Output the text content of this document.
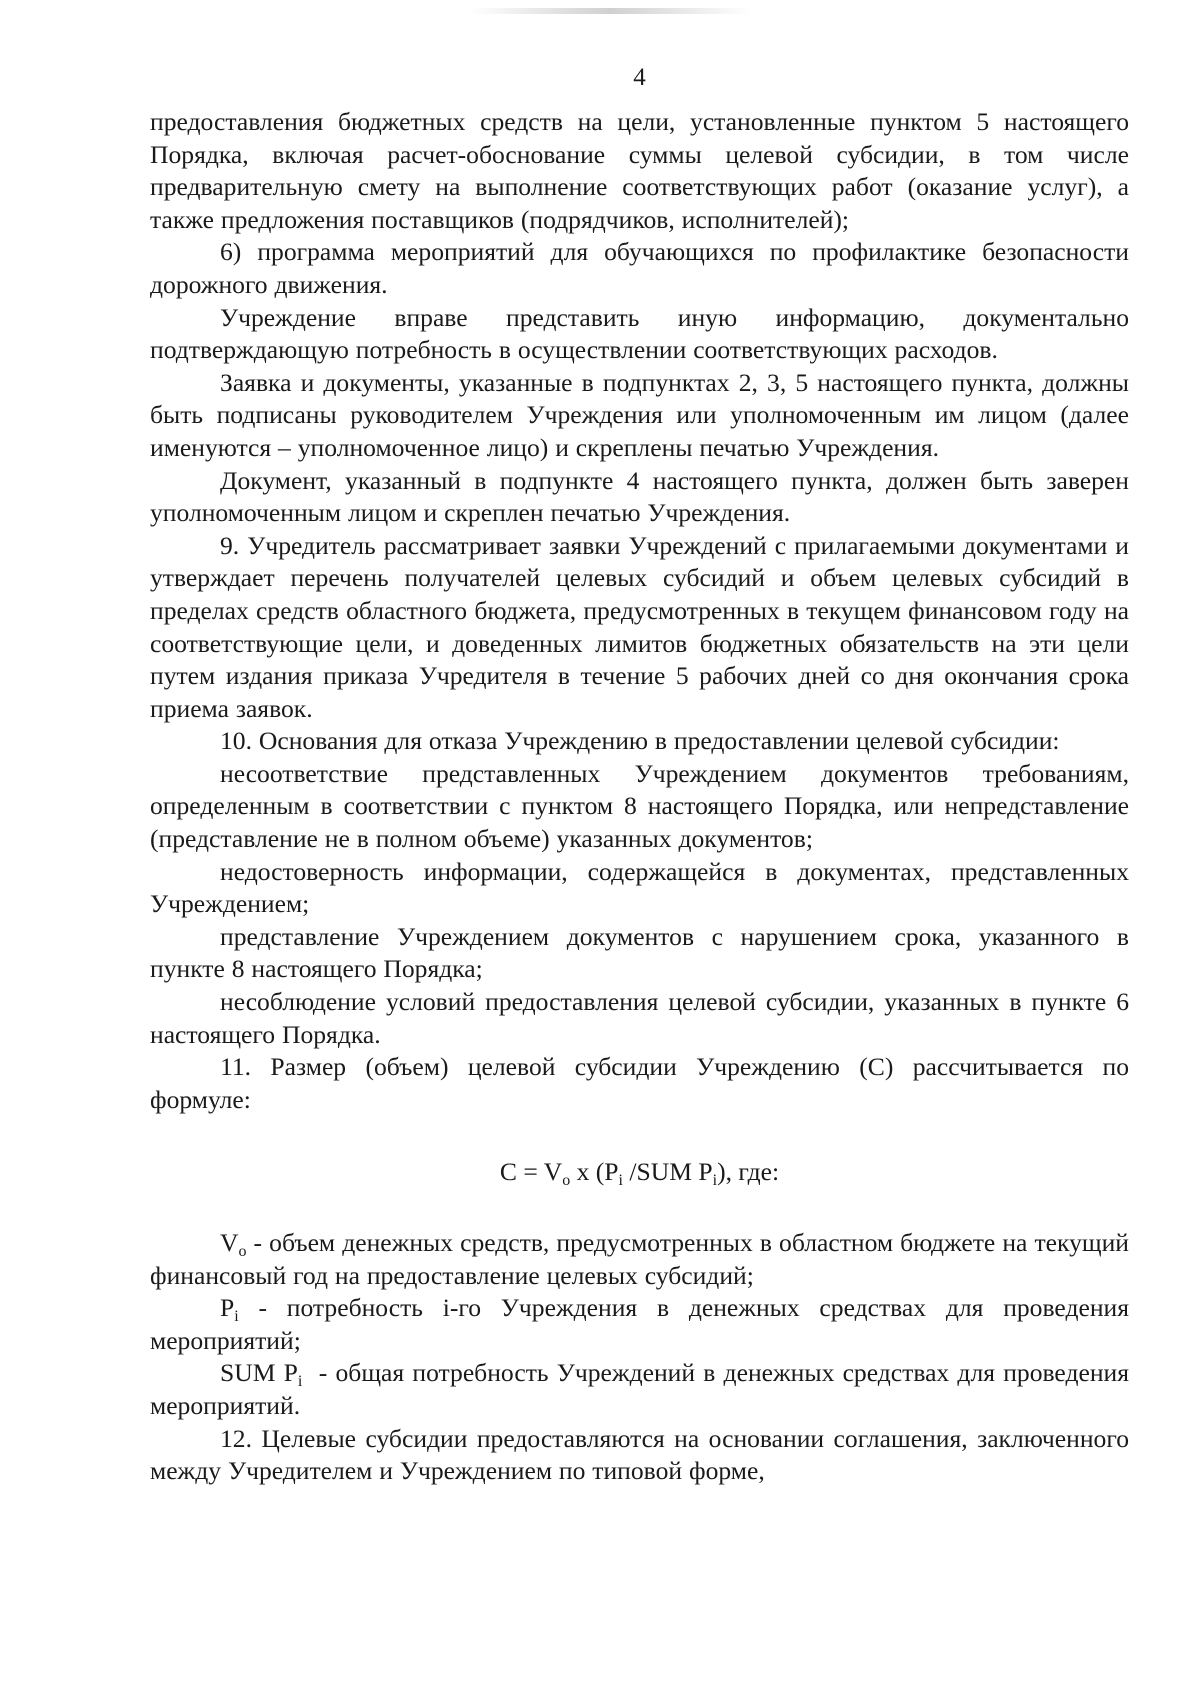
4

предоставления бюджетных средств на цели, установленные пунктом 5 настоящего Порядка, включая расчет-обоснование суммы целевой субсидии, в том числе предварительную смету на выполнение соответствующих работ (оказание услуг), а также предложения поставщиков (подрядчиков, исполнителей);

6) программа мероприятий для обучающихся по профилактике безопасности дорожного движения.

Учреждение вправе представить иную информацию, документально подтверждающую потребность в осуществлении соответствующих расходов.

Заявка и документы, указанные в подпунктах 2, 3, 5 настоящего пункта, должны быть подписаны руководителем Учреждения или уполномоченным им лицом (далее именуются – уполномоченное лицо) и скреплены печатью Учреждения.

Документ, указанный в подпункте 4 настоящего пункта, должен быть заверен уполномоченным лицом и скреплен печатью Учреждения.

9. Учредитель рассматривает заявки Учреждений с прилагаемыми документами и утверждает перечень получателей целевых субсидий и объем целевых субсидий в пределах средств областного бюджета, предусмотренных в текущем финансовом году на соответствующие цели, и доведенных лимитов бюджетных обязательств на эти цели путем издания приказа Учредителя в течение 5 рабочих дней со дня окончания срока приема заявок.

10. Основания для отказа Учреждению в предоставлении целевой субсидии:

несоответствие представленных Учреждением документов требованиям, определенным в соответствии с пунктом 8 настоящего Порядка, или непредставление (представление не в полном объеме) указанных документов;

недостоверность информации, содержащейся в документах, представленных Учреждением;

представление Учреждением документов с нарушением срока, указанного в пункте 8 настоящего Порядка;

несоблюдение условий предоставления целевой субсидии, указанных в пункте 6 настоящего Порядка.

11. Размер (объем) целевой субсидии Учреждению (С) рассчитывается по формуле:

$C = V_o$ x ($P_i$ /SUM $P_i$), где:

$V_o$ - объем денежных средств, предусмотренных в областном бюджете на текущий финансовый год на предоставление целевых субсидий;

$P_i$ - потребность i-го Учреждения в денежных средствах для проведения мероприятий;

SUM $P_i$  - общая потребность Учреждений в денежных средствах для проведения мероприятий.

12. Целевые субсидии предоставляются на основании соглашения, заключенного между Учредителем и Учреждением по типовой форме,
